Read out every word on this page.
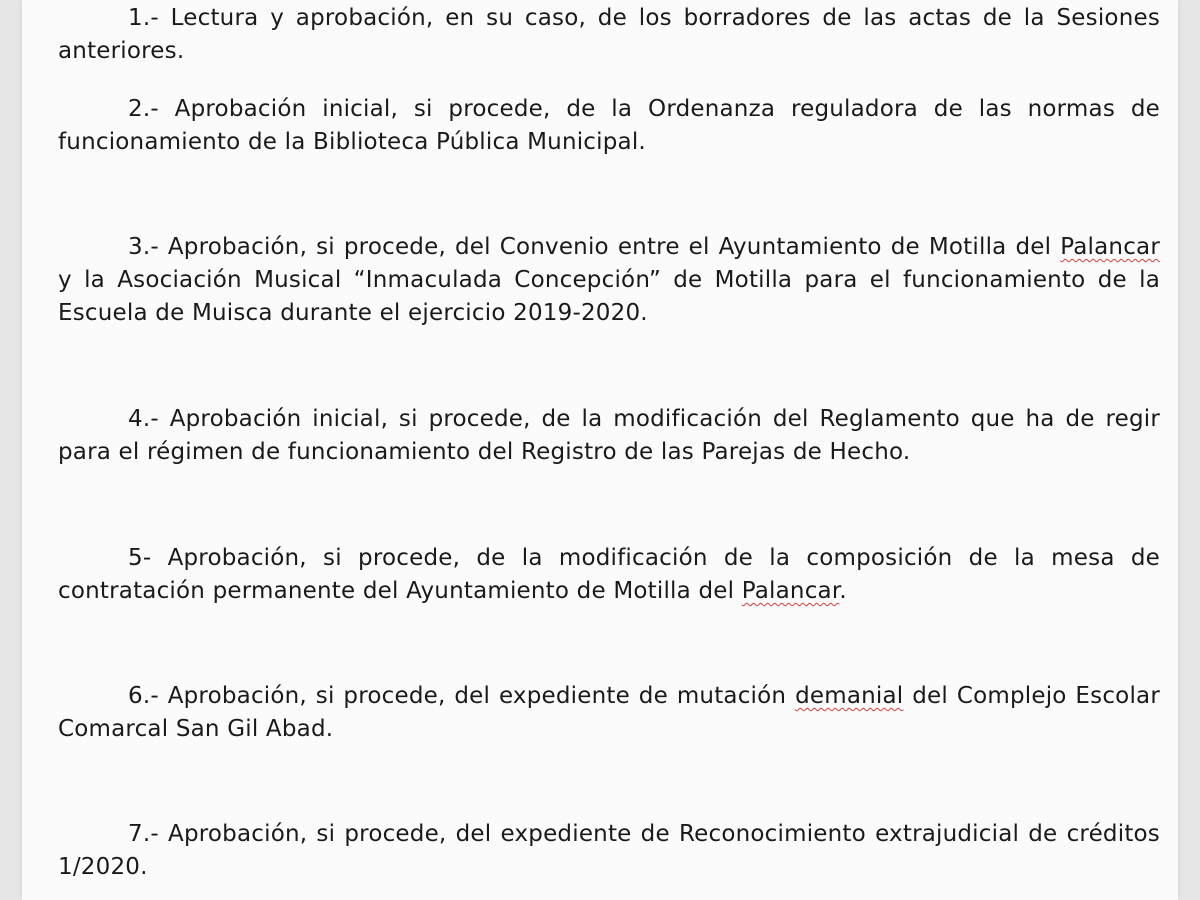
1.- Lectura y aprobación, en su caso, de los borradores de las actas de la Sesiones anteriores.

2.- Aprobación inicial, si procede, de la Ordenanza reguladora de las normas de funcionamiento de la Biblioteca Pública Municipal.

3.- Aprobación, si procede, del Convenio entre el Ayuntamiento de Motilla del Palancar y la Asociación Musical “Inmaculada Concepción” de Motilla para el funcionamiento de la Escuela de Muisca durante el ejercicio 2019-2020.

4.- Aprobación inicial, si procede, de la modificación del Reglamento que ha de regir para el régimen de funcionamiento del Registro de las Parejas de Hecho.

5- Aprobación, si procede, de la modificación de la composición de la mesa de contratación permanente del Ayuntamiento de Motilla del Palancar.

6.- Aprobación, si procede, del expediente de mutación demanial del Complejo Escolar Comarcal San Gil Abad.

7.- Aprobación, si procede, del expediente de Reconocimiento extrajudicial de créditos 1/2020.
